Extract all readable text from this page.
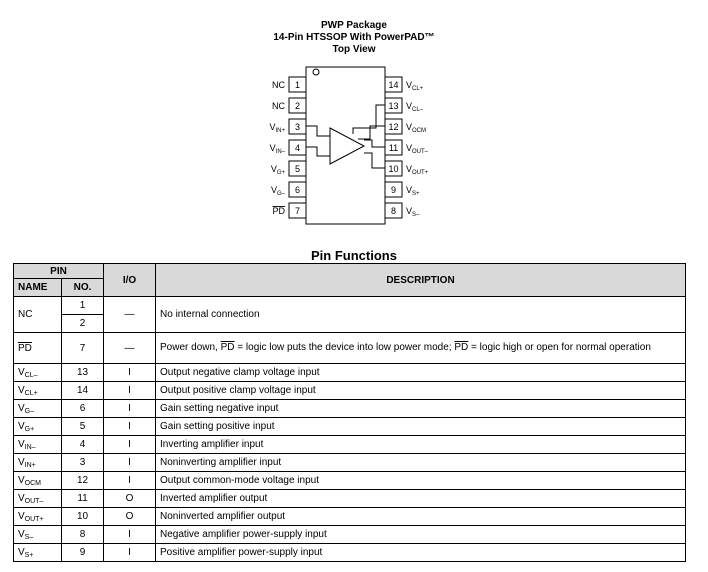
PWP Package
14-Pin HTSSOP With PowerPAD™
Top View
1
NC
2
NC
3
$V_{IN+}$
4
$V_{IN-}$
5
$V_{G+}$
6
$V_{G-}$
7
PD
14 $V_{CL+}$
13 $V_{CL-}$
12 $V_{OCM}$
11 $V_{OUT-}$
10 $V_{OUT+}$
9 $V_{S+}$
8 $V_{S-}$
Pin Functions
PIN		I/O	DESCRIPTION
NAME	NO.		
NC	1	—	No internal connection
	2		
$\overline{PD}$	7	—	Power down, $\overline{PD}$ = logic low puts the device into low power mode; $\overline{PD}$ = logic high or open for normal operation
$V_{CL-}$	13	I	Output negative clamp voltage input
$V_{CL+}$	14	I	Output positive clamp voltage input
$V_{G-}$	6	I	Gain setting negative input
$V_{G+}$	5	I	Gain setting positive input
$V_{IN-}$	4	I	Inverting amplifier input
$V_{IN+}$	3	I	Noninverting amplifier input
$V_{OCM}$	12	I	Output common-mode voltage input
$V_{OUT-}$	11	O	Inverted amplifier output
$V_{OUT+}$	10	O	Noninverted amplifier output
$V_{S-}$	8	I	Negative amplifier power-supply input
$V_{S+}$	9	I	Positive amplifier power-supply input
